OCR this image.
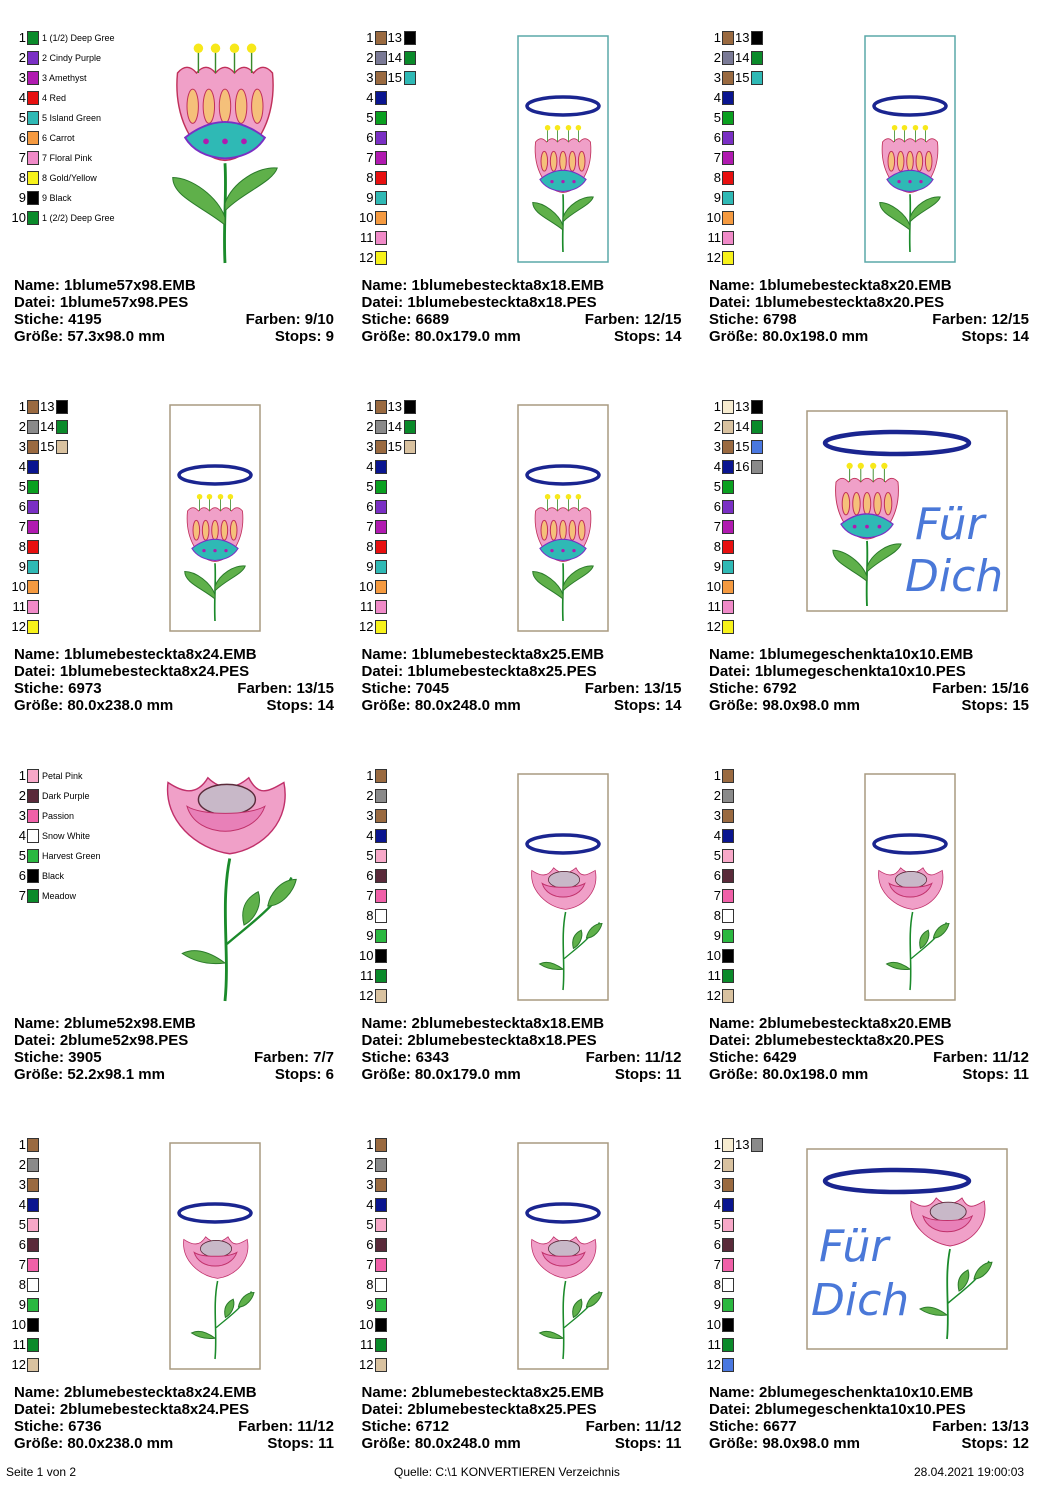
1 1 (1/2) Deep Gree
2 2 Cindy Purple
3 3 Amethyst
4 4 Red
5 5 Island Green
6 6 Carrot
7 7 Floral Pink
8 8 Gold/Yellow
9 9 Black
10 1 (2/2) Deep Gree
Name: 1blume57x98.EMB
Datei: 1blume57x98.PES
Stiche: 4195	Farben: 9/10
Größe: 57.3x98.0 mm	Stops: 9
1
2
3
4
5
6
7
8
9
10
11
12
13
14
15
Name: 1blumebesteckta8x18.EMB
Datei: 1blumebesteckta8x18.PES
Stiche: 6689	Farben: 12/15
Größe: 80.0x179.0 mm	Stops: 14
1
2
3
4
5
6
7
8
9
10
11
12
13
14
15
Name: 1blumebesteckta8x20.EMB
Datei: 1blumebesteckta8x20.PES
Stiche: 6798	Farben: 12/15
Größe: 80.0x198.0 mm	Stops: 14
1
2
3
4
5
6
7
8
9
10
11
12
13
14
15
Name: 1blumebesteckta8x24.EMB
Datei: 1blumebesteckta8x24.PES
Stiche: 6973	Farben: 13/15
Größe: 80.0x238.0 mm	Stops: 14
1
2
3
4
5
6
7
8
9
10
11
12
13
14
15
Name: 1blumebesteckta8x25.EMB
Datei: 1blumebesteckta8x25.PES
Stiche: 7045	Farben: 13/15
Größe: 80.0x248.0 mm	Stops: 14
1
2
3
4
5
6
7
8
9
10
11
12
13
14
15
16
Für
Dich
Name: 1blumegeschenkta10x10.EMB
Datei: 1blumegeschenkta10x10.PES
Stiche: 6792	Farben: 15/16
Größe: 98.0x98.0 mm	Stops: 15
1 Petal Pink
2 Dark Purple
3 Passion
4 Snow White
5 Harvest Green
6 Black
7 Meadow
Name: 2blume52x98.EMB
Datei: 2blume52x98.PES
Stiche: 3905	Farben: 7/7
Größe: 52.2x98.1 mm	Stops: 6
1
2
3
4
5
6
7
8
9
10
11
12
Name: 2blumebesteckta8x18.EMB
Datei: 2blumebesteckta8x18.PES
Stiche: 6343	Farben: 11/12
Größe: 80.0x179.0 mm	Stops: 11
1
2
3
4
5
6
7
8
9
10
11
12
Name: 2blumebesteckta8x20.EMB
Datei: 2blumebesteckta8x20.PES
Stiche: 6429	Farben: 11/12
Größe: 80.0x198.0 mm	Stops: 11
1
2
3
4
5
6
7
8
9
10
11
12
Name: 2blumebesteckta8x24.EMB
Datei: 2blumebesteckta8x24.PES
Stiche: 6736	Farben: 11/12
Größe: 80.0x238.0 mm	Stops: 11
1
2
3
4
5
6
7
8
9
10
11
12
Name: 2blumebesteckta8x25.EMB
Datei: 2blumebesteckta8x25.PES
Stiche: 6712	Farben: 11/12
Größe: 80.0x248.0 mm	Stops: 11
1
2
3
4
5
6
7
8
9
10
11
12
13
Für
Dich
Name: 2blumegeschenkta10x10.EMB
Datei: 2blumegeschenkta10x10.PES
Stiche: 6677	Farben: 13/13
Größe: 98.0x98.0 mm	Stops: 12
Seite 1 von 2	Quelle: C:\1 KONVERTIEREN Verzeichnis	28.04.2021 19:00:03
